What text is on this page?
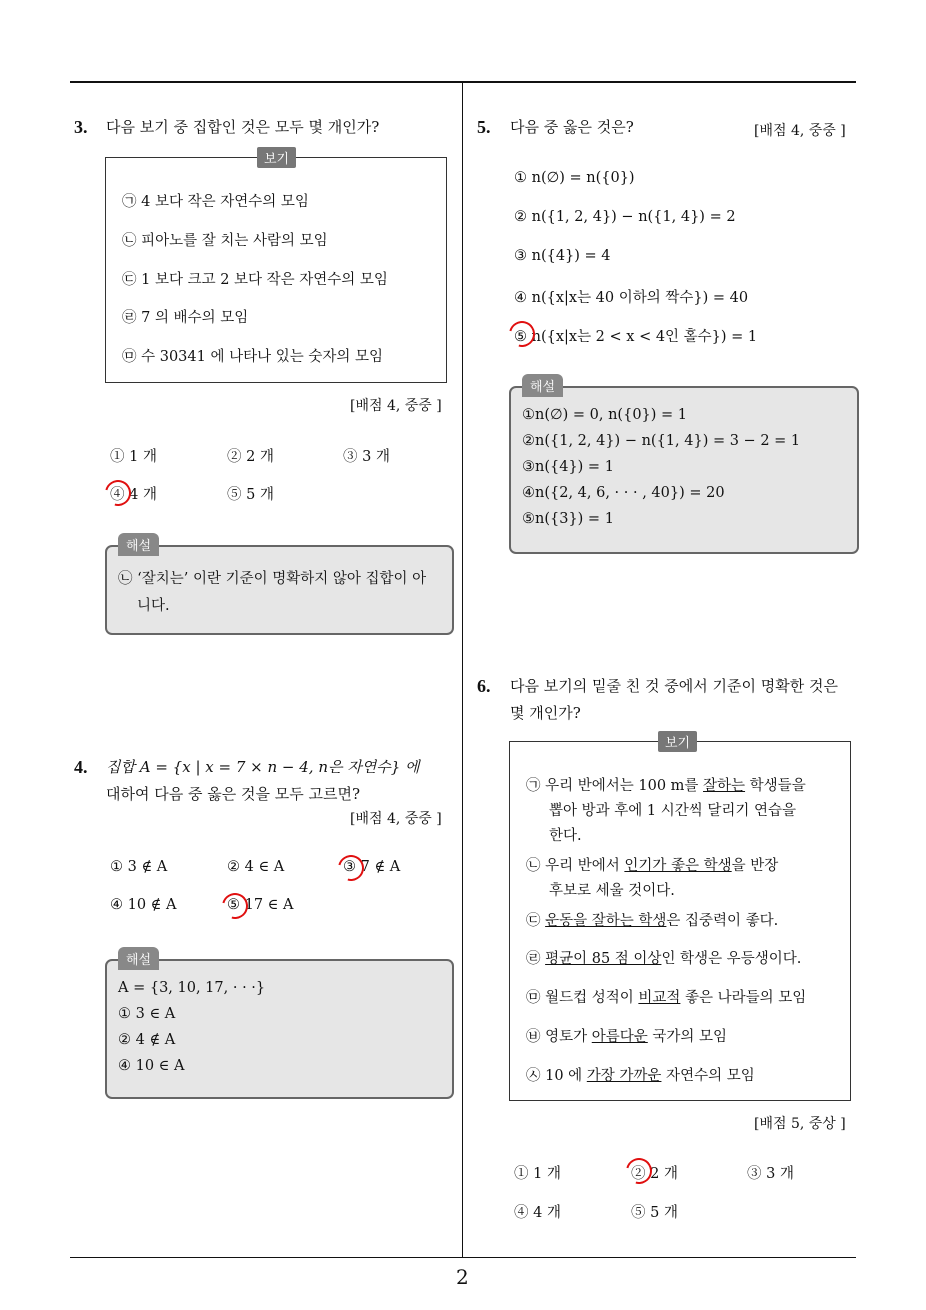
2
3. 다음 보기 중 집합인 것은 모두 몇 개인가?
보기
㉠ 4 보다 작은 자연수의 모임
㉡ 피아노를 잘 치는 사람의 모임
㉢ 1 보다 크고 2 보다 작은 자연수의 모임
㉣ 7 의 배수의 모임
㉤ 수 30341 에 나타나 있는 숫자의 모임
[배점 4, 중중 ]
① 1 개	② 2 개	③ 3 개
④ 4 개	⑤ 5 개
해설
㉡ ‘잘치는’ 이란 기준이 명확하지 않아 집합이 아
니다.
4. 집합 A = {x | x = 7 × n − 4, n은 자연수} 에
대하여 다음 중 옳은 것을 모두 고르면?
[배점 4, 중중 ]
① 3 ∉ A	② 4 ∈ A	③ 7 ∉ A
④ 10 ∉ A	⑤ 17 ∈ A
해설
A = {3, 10, 17, · · ·}
① 3 ∈ A
② 4 ∉ A
④ 10 ∈ A
5. 다음 중 옳은 것은?	[배점 4, 중중 ]
① n(∅) = n({0})
② n({1, 2, 4}) − n({1, 4}) = 2
③ n({4}) = 4
④ n({x|x는 40 이하의 짝수}) = 40
⑤ n({x|x는 2 < x < 4인 홀수}) = 1
해설
①n(∅) = 0, n({0}) = 1
②n({1, 2, 4}) − n({1, 4}) = 3 − 2 = 1
③n({4}) = 1
④n({2, 4, 6, · · · , 40}) = 20
⑤n({3}) = 1
6. 다음 보기의 밑줄 친 것 중에서 기준이 명확한 것은
몇 개인가?
보기
㉠ 우리 반에서는 100 m를 잘하는 학생들을
뽑아 방과 후에 1 시간씩 달리기 연습을
한다.
㉡ 우리 반에서 인기가 좋은 학생을 반장
후보로 세울 것이다.
㉢ 운동을 잘하는 학생은 집중력이 좋다.
㉣ 평균이 85 점 이상인 학생은 우등생이다.
㉤ 월드컵 성적이 비교적 좋은 나라들의 모임
㉥ 영토가 아름다운 국가의 모임
㉦ 10 에 가장 가까운 자연수의 모임
[배점 5, 중상 ]
① 1 개	② 2 개	③ 3 개
④ 4 개	⑤ 5 개
